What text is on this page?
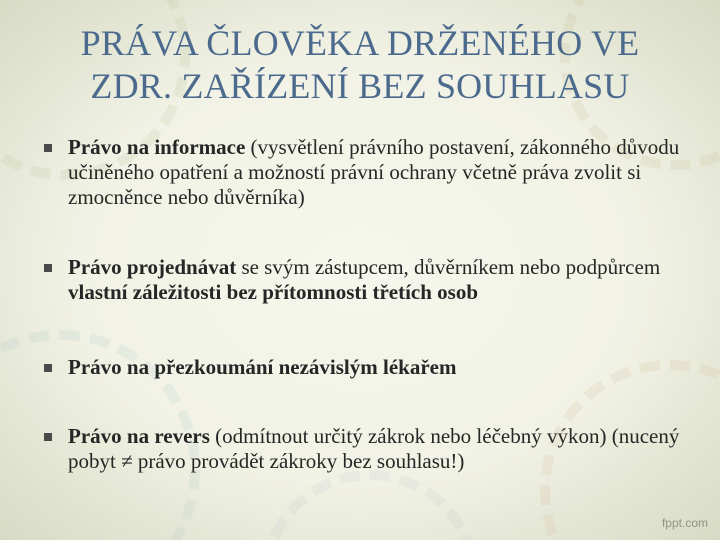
PRÁVA ČLOVĚKA DRŽENÉHO VE
ZDR. ZAŘÍZENÍ BEZ SOUHLASU
Právo na informace (vysvětlení právního postavení, zákonného důvodu učiněného opatření a možností právní ochrany včetně práva zvolit si zmocněnce nebo důvěrníka)
Právo projednávat se svým zástupcem, důvěrníkem nebo podpůrcem vlastní záležitosti bez přítomnosti třetích osob
Právo na přezkoumání nezávislým lékařem
Právo na revers (odmítnout určitý zákrok nebo léčebný výkon) (nucený pobyt ≠ právo provádět zákroky bez souhlasu!)
fppt.com
